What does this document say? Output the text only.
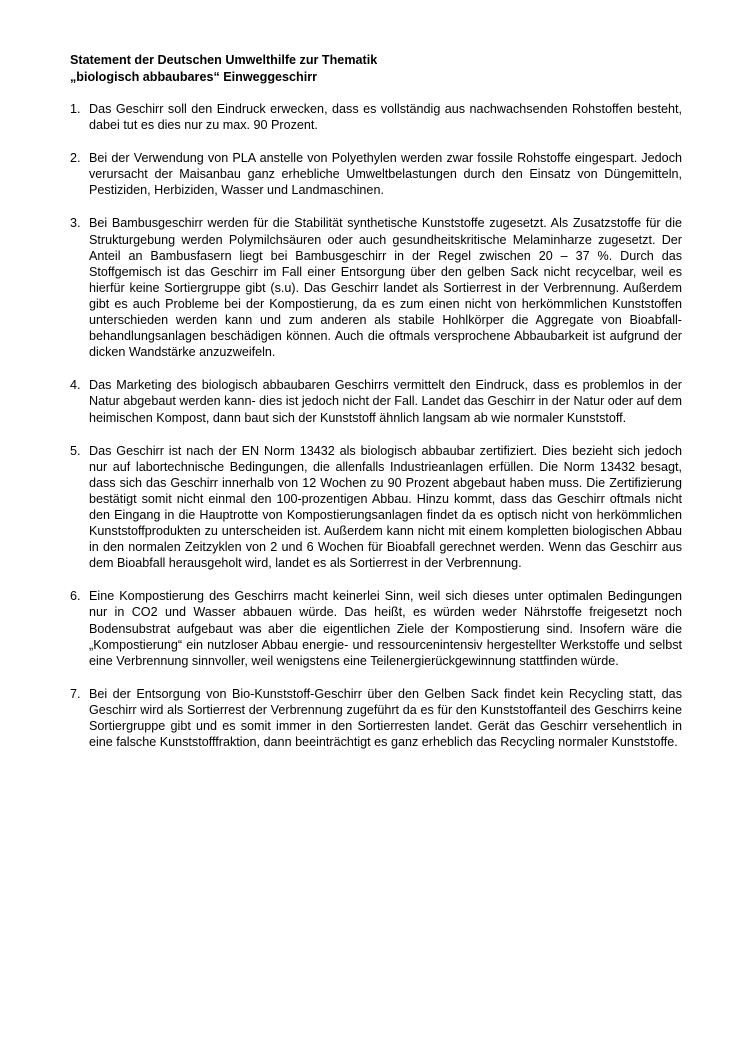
Statement der Deutschen Umwelthilfe zur Thematik
„biologisch abbaubares“ Einweggeschirr
1. Das Geschirr soll den Eindruck erwecken, dass es vollständig aus nachwachsenden Rohstoffen besteht, dabei tut es dies nur zu max. 90 Prozent.
2. Bei der Verwendung von PLA anstelle von Polyethylen werden zwar fossile Rohstoffe eingespart. Jedoch verursacht der Maisanbau ganz erhebliche Umweltbelastungen durch den Einsatz von Düngemitteln, Pestiziden, Herbiziden, Wasser und Landmaschinen.
3. Bei Bambusgeschirr werden für die Stabilität synthetische Kunststoffe zugesetzt. Als Zusatzstoffe für die Strukturgebung werden Polymilchsäuren oder auch gesundheitskritische Melaminharze zugesetzt. Der Anteil an Bambusfasern liegt bei Bambusgeschirr in der Regel zwischen 20 – 37 %. Durch das Stoffgemisch ist das Geschirr im Fall einer Entsorgung über den gelben Sack nicht recycelbar, weil es hierfür keine Sortiergruppe gibt (s.u). Das Geschirr landet als Sortierrest in der Verbrennung. Außerdem gibt es auch Probleme bei der Kompostierung, da es zum einen nicht von herkömmlichen Kunststoffen unterschieden werden kann und zum anderen als stabile Hohlkörper die Aggregate von Bioabfall-behandlungsanlagen beschädigen können. Auch die oftmals versprochene Abbaubarkeit ist aufgrund der dicken Wandstärke anzuzweifeln.
4. Das Marketing des biologisch abbaubaren Geschirrs vermittelt den Eindruck, dass es problemlos in der Natur abgebaut werden kann- dies ist jedoch nicht der Fall. Landet das Geschirr in der Natur oder auf dem heimischen Kompost, dann baut sich der Kunststoff ähnlich langsam ab wie normaler Kunststoff.
5. Das Geschirr ist nach der EN Norm 13432 als biologisch abbaubar zertifiziert. Dies bezieht sich jedoch nur auf labortechnische Bedingungen, die allenfalls Industrieanlagen erfüllen. Die Norm 13432 besagt, dass sich das Geschirr innerhalb von 12 Wochen zu 90 Prozent abgebaut haben muss. Die Zertifizierung bestätigt somit nicht einmal den 100-prozentigen Abbau. Hinzu kommt, dass das Geschirr oftmals nicht den Eingang in die Hauptrotte von Kompostierungsanlagen findet da es optisch nicht von herkömmlichen Kunststoffprodukten zu unterscheiden ist. Außerdem kann nicht mit einem kompletten biologischen Abbau in den normalen Zeitzyklen von 2 und 6 Wochen für Bioabfall gerechnet werden. Wenn das Geschirr aus dem Bioabfall herausgeholt wird, landet es als Sortierrest in der Verbrennung.
6. Eine Kompostierung des Geschirrs macht keinerlei Sinn, weil sich dieses unter optimalen Bedingungen nur in CO2 und Wasser abbauen würde. Das heißt, es würden weder Nährstoffe freigesetzt noch Bodensubstrat aufgebaut was aber die eigentlichen Ziele der Kompostierung sind. Insofern wäre die „Kompostierung“ ein nutzloser Abbau energie- und ressourcenintensiv hergestellter Werkstoffe und selbst eine Verbrennung sinnvoller, weil wenigstens eine Teilenergierückgewinnung stattfinden würde.
7. Bei der Entsorgung von Bio-Kunststoff-Geschirr über den Gelben Sack findet kein Recycling statt, das Geschirr wird als Sortierrest der Verbrennung zugeführt da es für den Kunststoffanteil des Geschirrs keine Sortiergruppe gibt und es somit immer in den Sortierresten landet. Gerät das Geschirr versehentlich in eine falsche Kunststofffraktion, dann beeinträchtigt es ganz erheblich das Recycling normaler Kunststoffe.
